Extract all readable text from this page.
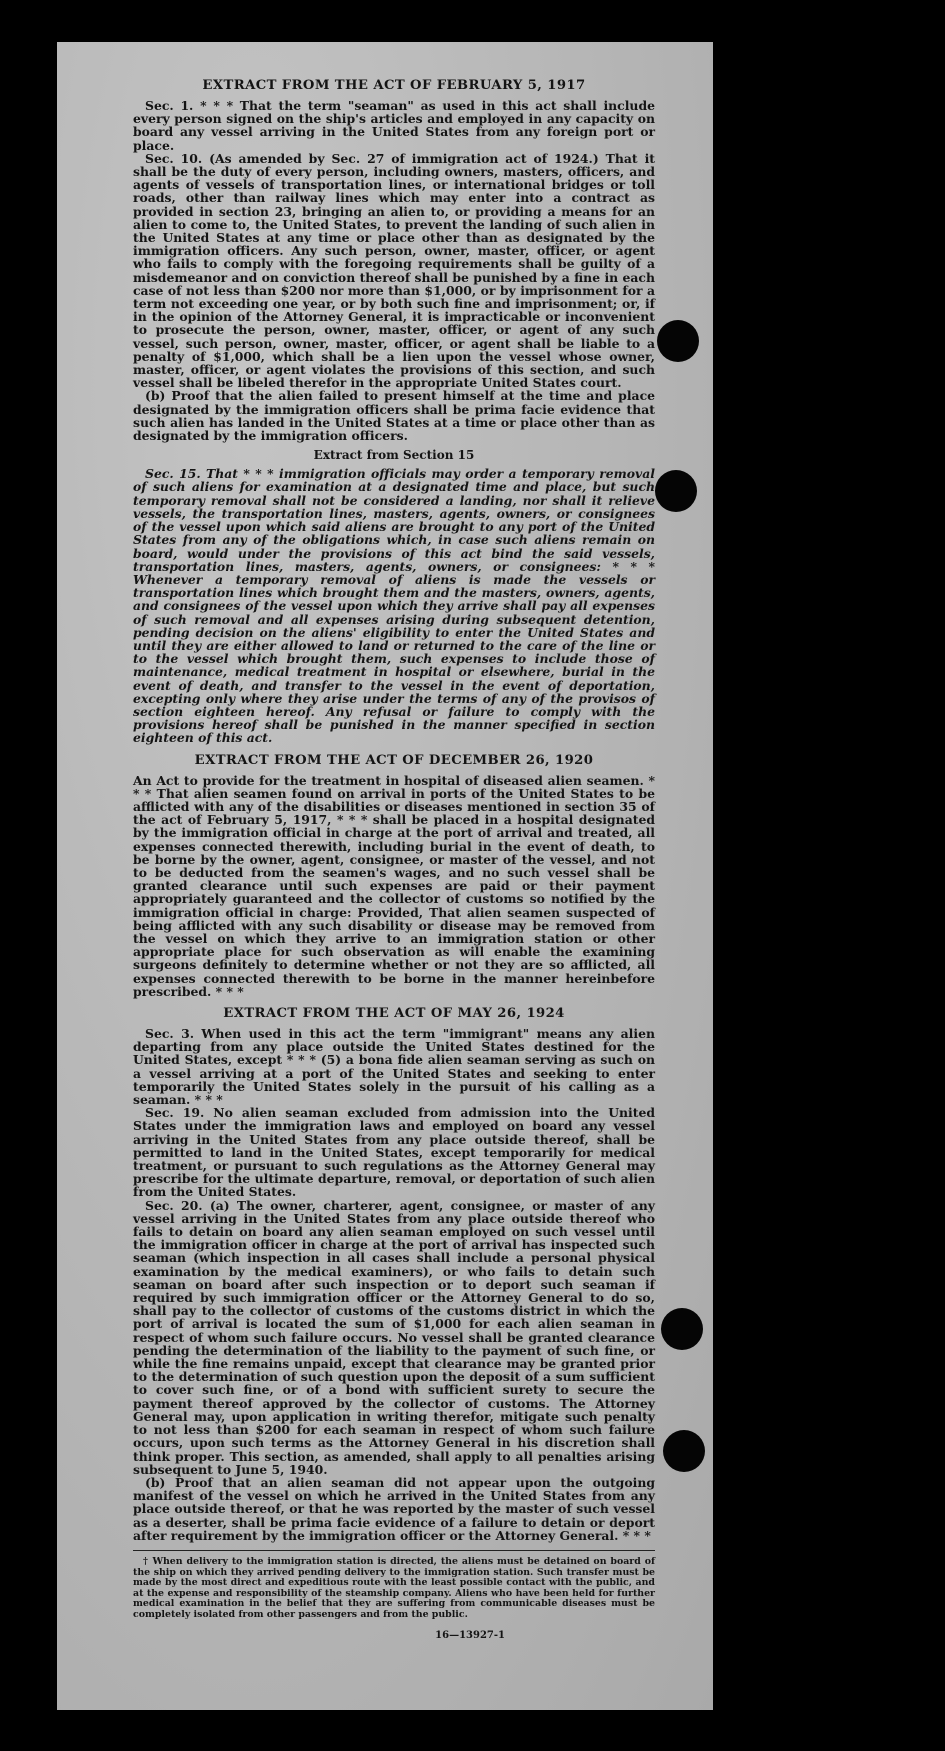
EXTRACT FROM THE ACT OF FEBRUARY 5, 1917

Sec. 1. * * * That the term "seaman" as used in this act shall include every person signed on the ship's articles and employed in any capacity on board any vessel arriving in the United States from any foreign port or place.

Sec. 10. (As amended by Sec. 27 of immigration act of 1924.) That it shall be the duty of every person, including owners, masters, officers, and agents of vessels of transportation lines, or international bridges or toll roads, other than railway lines which may enter into a contract as provided in section 23, bringing an alien to, or providing a means for an alien to come to, the United States, to prevent the landing of such alien in the United States at any time or place other than as designated by the immigration officers. Any such person, owner, master, officer, or agent who fails to comply with the foregoing requirements shall be guilty of a misdemeanor and on conviction thereof shall be punished by a fine in each case of not less than $200 nor more than $1,000, or by imprisonment for a term not exceeding one year, or by both such fine and imprisonment; or, if in the opinion of the Attorney General, it is impracticable or inconvenient to prosecute the person, owner, master, officer, or agent of any such vessel, such person, owner, master, officer, or agent shall be liable to a penalty of $1,000, which shall be a lien upon the vessel whose owner, master, officer, or agent violates the provisions of this section, and such vessel shall be libeled therefor in the appropriate United States court.

(b) Proof that the alien failed to present himself at the time and place designated by the immigration officers shall be prima facie evidence that such alien has landed in the United States at a time or place other than as designated by the immigration officers.

Extract from Section 15

Sec. 15. That * * * immigration officials may order a temporary removal of such aliens for examination at a designated time and place, but such temporary removal shall not be considered a landing, nor shall it relieve vessels, the transportation lines, masters, agents, owners, or consignees of the vessel upon which said aliens are brought to any port of the United States from any of the obligations which, in case such aliens remain on board, would under the provisions of this act bind the said vessels, transportation lines, masters, agents, owners, or consignees: * * * Whenever a temporary removal of aliens is made the vessels or transportation lines which brought them and the masters, owners, agents, and consignees of the vessel upon which they arrive shall pay all expenses of such removal and all expenses arising during subsequent detention, pending decision on the aliens' eligibility to enter the United States and until they are either allowed to land or returned to the care of the line or to the vessel which brought them, such expenses to include those of maintenance, medical treatment in hospital or elsewhere, burial in the event of death, and transfer to the vessel in the event of deportation, excepting only where they arise under the terms of any of the provisos of section eighteen hereof. Any refusal or failure to comply with the provisions hereof shall be punished in the manner specified in section eighteen of this act.

EXTRACT FROM THE ACT OF DECEMBER 26, 1920

An Act to provide for the treatment in hospital of diseased alien seamen. * * * That alien seamen found on arrival in ports of the United States to be afflicted with any of the disabilities or diseases mentioned in section 35 of the act of February 5, 1917, * * * shall be placed in a hospital designated by the immigration official in charge at the port of arrival and treated, all expenses connected therewith, including burial in the event of death, to be borne by the owner, agent, consignee, or master of the vessel, and not to be deducted from the seamen's wages, and no such vessel shall be granted clearance until such expenses are paid or their payment appropriately guaranteed and the collector of customs so notified by the immigration official in charge: Provided, That alien seamen suspected of being afflicted with any such disability or disease may be removed from the vessel on which they arrive to an immigration station or other appropriate place for such observation as will enable the examining surgeons definitely to determine whether or not they are so afflicted, all expenses connected therewith to be borne in the manner hereinbefore prescribed. * * *

EXTRACT FROM THE ACT OF MAY 26, 1924

Sec. 3. When used in this act the term "immigrant" means any alien departing from any place outside the United States destined for the United States, except * * * (5) a bona fide alien seaman serving as such on a vessel arriving at a port of the United States and seeking to enter temporarily the United States solely in the pursuit of his calling as a seaman. * * *

Sec. 19. No alien seaman excluded from admission into the United States under the immigration laws and employed on board any vessel arriving in the United States from any place outside thereof, shall be permitted to land in the United States, except temporarily for medical treatment, or pursuant to such regulations as the Attorney General may prescribe for the ultimate departure, removal, or deportation of such alien from the United States.

Sec. 20. (a) The owner, charterer, agent, consignee, or master of any vessel arriving in the United States from any place outside thereof who fails to detain on board any alien seaman employed on such vessel until the immigration officer in charge at the port of arrival has inspected such seaman (which inspection in all cases shall include a personal physical examination by the medical examiners), or who fails to detain such seaman on board after such inspection or to deport such seaman if required by such immigration officer or the Attorney General to do so, shall pay to the collector of customs of the customs district in which the port of arrival is located the sum of $1,000 for each alien seaman in respect of whom such failure occurs. No vessel shall be granted clearance pending the determination of the liability to the payment of such fine, or while the fine remains unpaid, except that clearance may be granted prior to the determination of such question upon the deposit of a sum sufficient to cover such fine, or of a bond with sufficient surety to secure the payment thereof approved by the collector of customs. The Attorney General may, upon application in writing therefor, mitigate such penalty to not less than $200 for each seaman in respect of whom such failure occurs, upon such terms as the Attorney General in his discretion shall think proper. This section, as amended, shall apply to all penalties arising subsequent to June 5, 1940.

(b) Proof that an alien seaman did not appear upon the outgoing manifest of the vessel on which he arrived in the United States from any place outside thereof, or that he was reported by the master of such vessel as a deserter, shall be prima facie evidence of a failure to detain or deport after requirement by the immigration officer or the Attorney General. * * *

† When delivery to the immigration station is directed, the aliens must be detained on board of the ship on which they arrived pending delivery to the immigration station. Such transfer must be made by the most direct and expeditious route with the least possible contact with the public, and at the expense and responsibility of the steamship company. Aliens who have been held for further medical examination in the belief that they are suffering from communicable diseases must be completely isolated from other passengers and from the public.

16—13927-1
